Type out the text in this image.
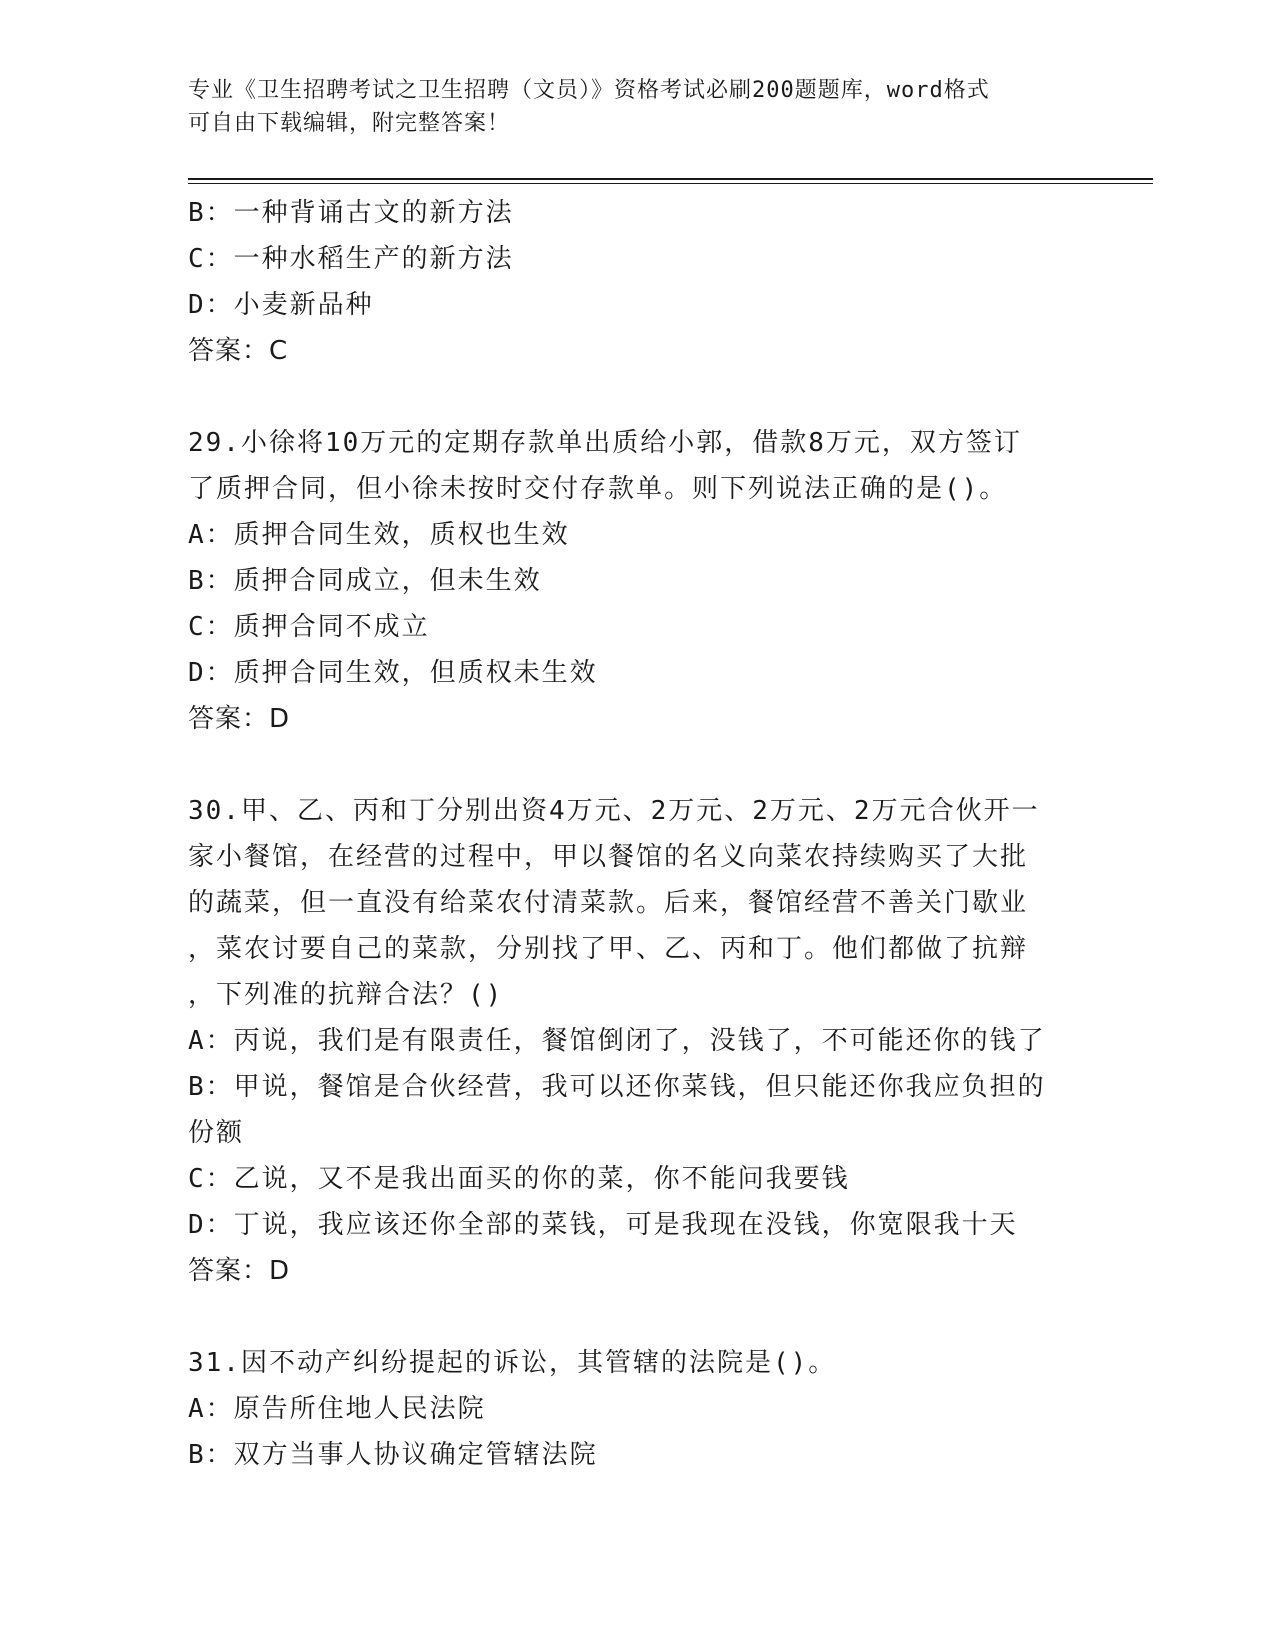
专业《卫生招聘考试之卫生招聘（文员）》资格考试必刷200题题库，word格式
可自由下载编辑，附完整答案！

B：一种背诵古文的新方法

C：一种水稻生产的新方法

D：小麦新品种

答案：C

29.小徐将10万元的定期存款单出质给小郭，借款8万元，双方签订

了质押合同，但小徐未按时交付存款单。则下列说法正确的是()。

A：质押合同生效，质权也生效

B：质押合同成立，但未生效

C：质押合同不成立

D：质押合同生效，但质权未生效

答案：D

30.甲、乙、丙和丁分别出资4万元、2万元、2万元、2万元合伙开一

家小餐馆，在经营的过程中，甲以餐馆的名义向菜农持续购买了大批

的蔬菜，但一直没有给菜农付清菜款。后来，餐馆经营不善关门歇业

，菜农讨要自己的菜款，分别找了甲、乙、丙和丁。他们都做了抗辩

，下列准的抗辩合法？()

A：丙说，我们是有限责任，餐馆倒闭了，没钱了，不可能还你的钱了

B：甲说，餐馆是合伙经营，我可以还你菜钱，但只能还你我应负担的

份额

C：乙说，又不是我出面买的你的菜，你不能问我要钱

D：丁说，我应该还你全部的菜钱，可是我现在没钱，你宽限我十天

答案：D

31.因不动产纠纷提起的诉讼，其管辖的法院是()。

A：原告所住地人民法院

B：双方当事人协议确定管辖法院
